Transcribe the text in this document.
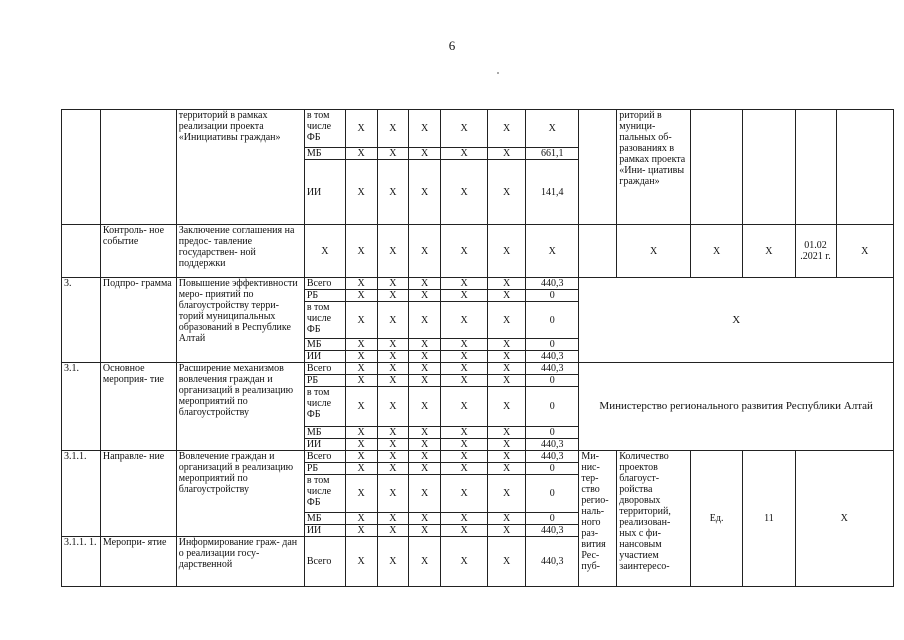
6
		территорий в рамках реализации проекта «Инициативы граждан»	в том числе ФБ	Х	Х	Х	Х	Х	Х		риторий в муници- пальных об- разованиях в рамках проекта «Ини- циативы граждан»				
			МБ	Х	Х	Х	Х	Х	661,1						
			ИИ	Х	Х	Х	Х	Х	141,4						
	Контроль- ное событие	Заключение соглашения на предос- тавление государствен- ной поддержки	Х	Х	Х	Х	Х	Х	Х		Х	Х	Х	01.02 .2021 г.	Х
3.	Подпро- грамма	Повышение эффективности меро- приятий по благоустройству терри- торий муниципальных образований в Республике Алтай	Всего	Х	Х	Х	Х	Х	440,3	Х					
			РБ	Х	Х	Х	Х	Х	0						
			в том числе ФБ	Х	Х	Х	Х	Х	0						
			МБ	Х	Х	Х	Х	Х	0						
			ИИ	Х	Х	Х	Х	Х	440,3						
3.1.	Основное мероприя- тие	Расширение механизмов вовлечения граждан и организаций в реализацию мероприятий по благоустройству	Всего	Х	Х	Х	Х	Х	440,3	Министерство регионального развития Республики Алтай					
			РБ	Х	Х	Х	Х	Х	0						
			в том числе ФБ	Х	Х	Х	Х	Х	0						
			МБ	Х	Х	Х	Х	Х	0						
			ИИ	Х	Х	Х	Х	Х	440,3						
3.1.1.	Направле- ние	Вовлечение граждан и организаций в реализацию мероприятий по благоустройству	Всего	Х	Х	Х	Х	Х	440,3	Ми- нис- тер- ство регио- наль- ного раз- вития Рес- пуб-	Количество проектов благоуст- ройства дворовых территорий, реализован- ных с фи- нансовым участием заинтересо-	Ед.	11	Х	
			РБ	Х	Х	Х	Х	Х	0						
			в том числе ФБ	Х	Х	Х	Х	Х	0						
			МБ	Х	Х	Х	Х	Х	0						
			ИИ	Х	Х	Х	Х	Х	440,3						
3.1.1. 1.	Меропри- ятие	Информирование граж- дан о реализации госу- дарственной	Всего	Х	Х	Х	Х	Х	440,3						
